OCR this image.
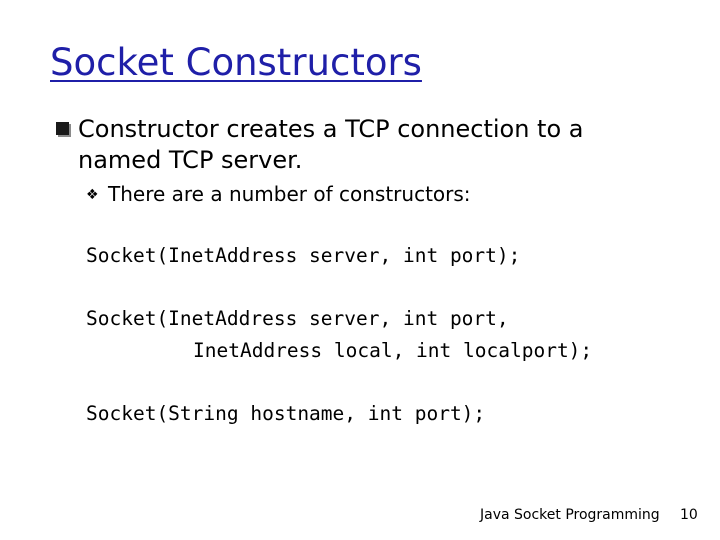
Socket Constructors
Constructor creates a TCP connection to a
named TCP server.
❖ There are a number of constructors:
Socket(InetAddress server, int port);
Socket(InetAddress server, int port,
InetAddress local, int localport);
Socket(String hostname, int port);
Java Socket Programming 10
